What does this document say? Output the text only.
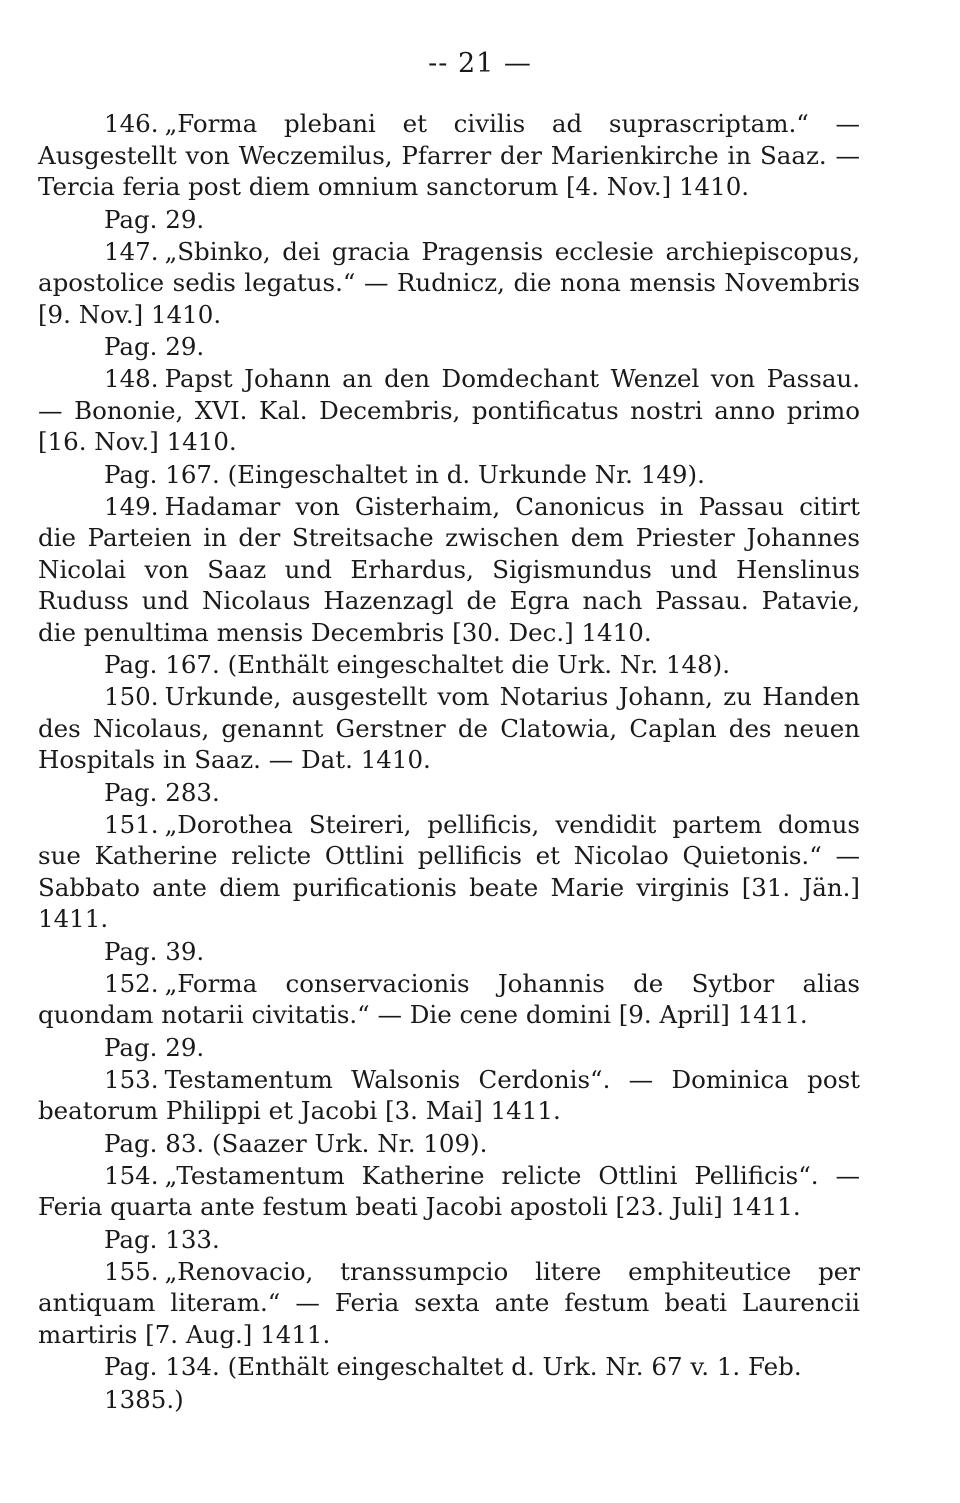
-- 21 —

146. „Forma plebani et civilis ad suprascriptam.“ — Ausgestellt von Weczemilus, Pfarrer der Marienkirche in Saaz. — Tercia feria post diem omnium sanctorum [4. Nov.] 1410.

Pag. 29.

147. „Sbinko, dei gracia Pragensis ecclesie archiepiscopus, apostolice sedis legatus.“ — Rudnicz, die nona mensis Novembris [9. Nov.] 1410.

Pag. 29.

148. Papst Johann an den Domdechant Wenzel von Passau. — Bononie, XVI. Kal. Decembris, pontificatus nostri anno primo [16. Nov.] 1410.

Pag. 167. (Eingeschaltet in d. Urkunde Nr. 149).

149. Hadamar von Gisterhaim, Canonicus in Passau citirt die Parteien in der Streitsache zwischen dem Priester Johannes Nicolai von Saaz und Erhardus, Sigismundus und Henslinus Ruduss und Nicolaus Hazenzagl de Egra nach Passau. Patavie, die penultima mensis Decembris [30. Dec.] 1410.

Pag. 167. (Enthält eingeschaltet die Urk. Nr. 148).

150. Urkunde, ausgestellt vom Notarius Johann, zu Handen des Nicolaus, genannt Gerstner de Clatowia, Caplan des neuen Hospitals in Saaz. — Dat. 1410.

Pag. 283.

151. „Dorothea Steireri, pellificis, vendidit partem domus sue Katherine relicte Ottlini pellificis et Nicolao Quietonis.“ — Sabbato ante diem purificationis beate Marie virginis [31. Jän.] 1411.

Pag. 39.

152. „Forma conservacionis Johannis de Sytbor alias quondam notarii civitatis.“ — Die cene domini [9. April] 1411.

Pag. 29.

153. Testamentum Walsonis Cerdonis“. — Dominica post beatorum Philippi et Jacobi [3. Mai] 1411.

Pag. 83. (Saazer Urk. Nr. 109).

154. „Testamentum Katherine relicte Ottlini Pellificis“. — Feria quarta ante festum beati Jacobi apostoli [23. Juli] 1411.

Pag. 133.

155. „Renovacio, transsumpcio litere emphiteutice per antiquam literam.“ — Feria sexta ante festum beati Laurencii martiris [7. Aug.] 1411.

Pag. 134. (Enthält eingeschaltet d. Urk. Nr. 67 v. 1. Feb. 1385.)
